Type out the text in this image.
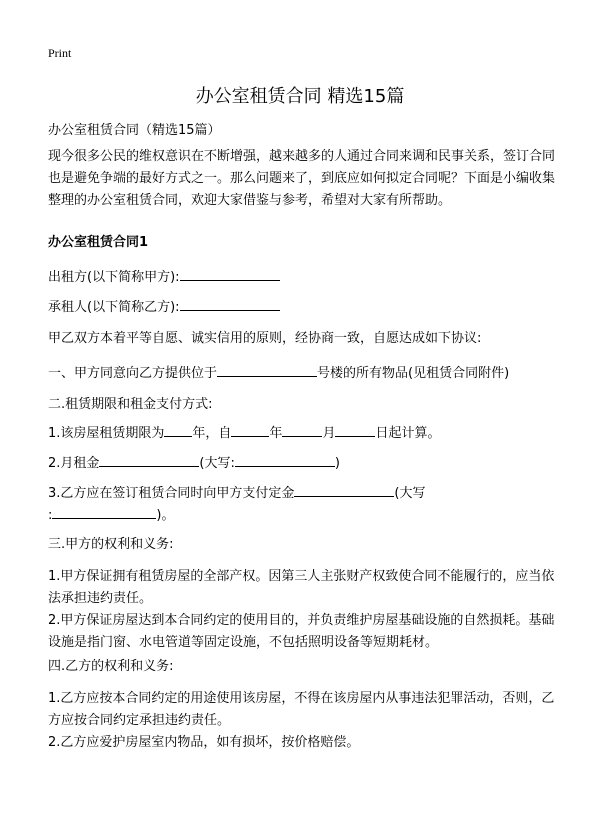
Print
办公室租赁合同 精选15篇

办公室租赁合同（精选15篇）

现今很多公民的维权意识在不断增强，越来越多的人通过合同来调和民事关系，签订合同也是避免争端的最好方式之一。那么问题来了，到底应如何拟定合同呢？下面是小编收集整理的办公室租赁合同，欢迎大家借鉴与参考，希望对大家有所帮助。

办公室租赁合同1

出租方(以下简称甲方):

承租人(以下简称乙方):

甲乙双方本着平等自愿、诚实信用的原则，经协商一致，自愿达成如下协议:

一、甲方同意向乙方提供位于	号楼的所有物品(见租赁合同附件)

二.租赁期限和租金支付方式:

1.该房屋租赁期限为 年，自	年	月	日起计算。

2.月租金	(大写:	)

3.乙方应在签订租赁合同时向甲方支付定金	(大写

:	)。

三.甲方的权利和义务:

1.甲方保证拥有租赁房屋的全部产权。因第三人主张财产权致使合同不能履行的，应当依法承担违约责任。

2.甲方保证房屋达到本合同约定的使用目的，并负责维护房屋基础设施的自然损耗。基础设施是指门窗、水电管道等固定设施，不包括照明设备等短期耗材。

四.乙方的权利和义务:

1.乙方应按本合同约定的用途使用该房屋，不得在该房屋内从事违法犯罪活动，否则，乙方应按合同约定承担违约责任。

2.乙方应爱护房屋室内物品，如有损坏，按价格赔偿。
